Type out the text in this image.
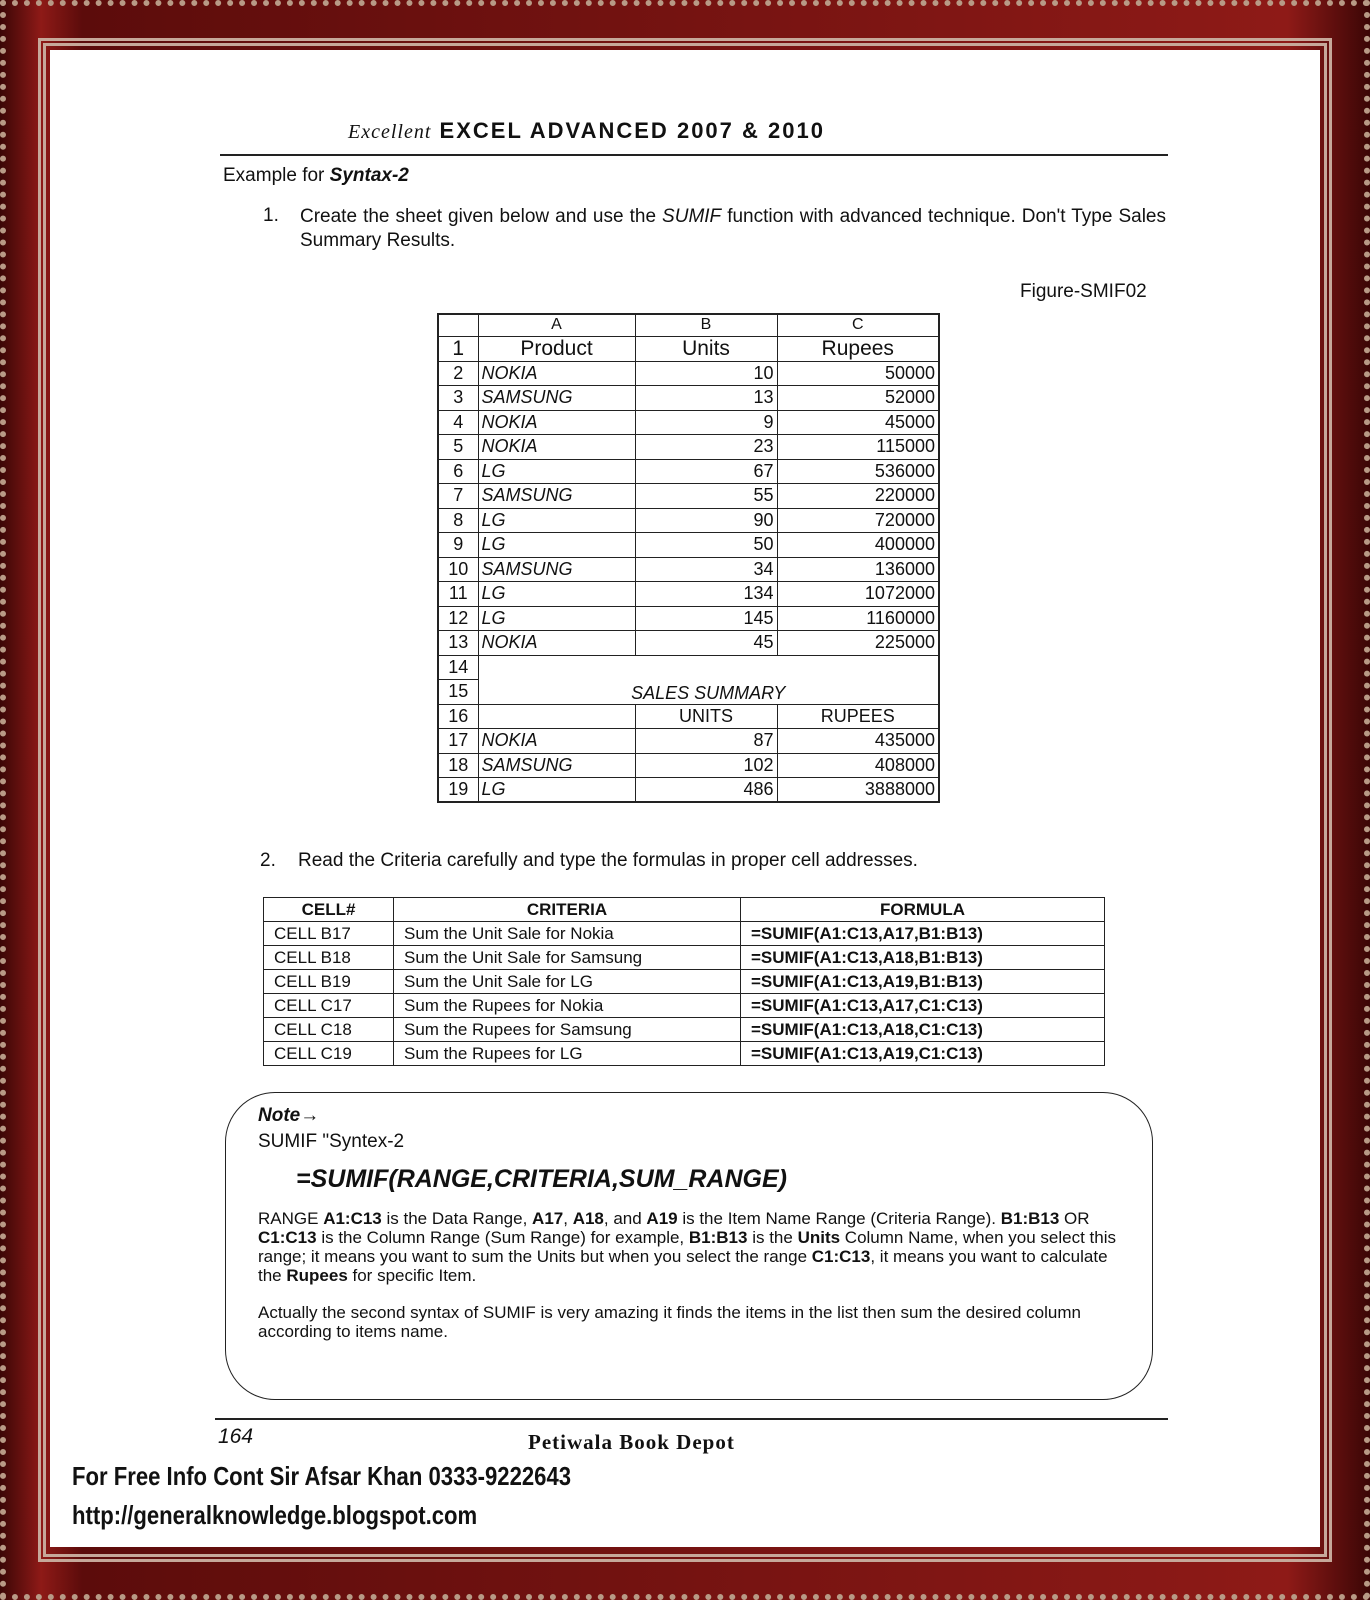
Excellent EXCEL ADVANCED 2007 & 2010
Example for Syntax-2
1. Create the sheet given below and use the SUMIF function with advanced technique. Don't Type Sales Summary Results.
Figure-SMIF02
	A	B	C
1	Product	Units	Rupees
2	NOKIA	10	50000
3	SAMSUNG	13	52000
4	NOKIA	9	45000
5	NOKIA	23	115000
6	LG	67	536000
7	SAMSUNG	55	220000
8	LG	90	720000
9	LG	50	400000
10	SAMSUNG	34	136000
11	LG	134	1072000
12	LG	145	1160000
13	NOKIA	45	225000
14	SALES SUMMARY		
15			
16		UNITS	RUPEES
17	NOKIA	87	435000
18	SAMSUNG	102	408000
19	LG	486	3888000
2. Read the Criteria carefully and type the formulas in proper cell addresses.
CELL#	CRITERIA	FORMULA
CELL B17	Sum the Unit Sale for Nokia	=SUMIF(A1:C13,A17,B1:B13)
CELL B18	Sum the Unit Sale for Samsung	=SUMIF(A1:C13,A18,B1:B13)
CELL B19	Sum the Unit Sale for LG	=SUMIF(A1:C13,A19,B1:B13)
CELL C17	Sum the Rupees for Nokia	=SUMIF(A1:C13,A17,C1:C13)
CELL C18	Sum the Rupees for Samsung	=SUMIF(A1:C13,A18,C1:C13)
CELL C19	Sum the Rupees for LG	=SUMIF(A1:C13,A19,C1:C13)
Note→
SUMIF "Syntex-2
=SUMIF(RANGE,CRITERIA,SUM_RANGE)
RANGE A1:C13 is the Data Range, A17, A18, and A19 is the Item Name Range (Criteria Range). B1:B13 OR C1:C13 is the Column Range (Sum Range) for example, B1:B13 is the Units Column Name, when you select this range; it means you want to sum the Units but when you select the range C1:C13, it means you want to calculate the Rupees for specific Item.
Actually the second syntax of SUMIF is very amazing it finds the items in the list then sum the desired column according to items name.
164	Petiwala Book Depot
For Free Info Cont Sir Afsar Khan 0333-9222643
http://generalknowledge.blogspot.com
